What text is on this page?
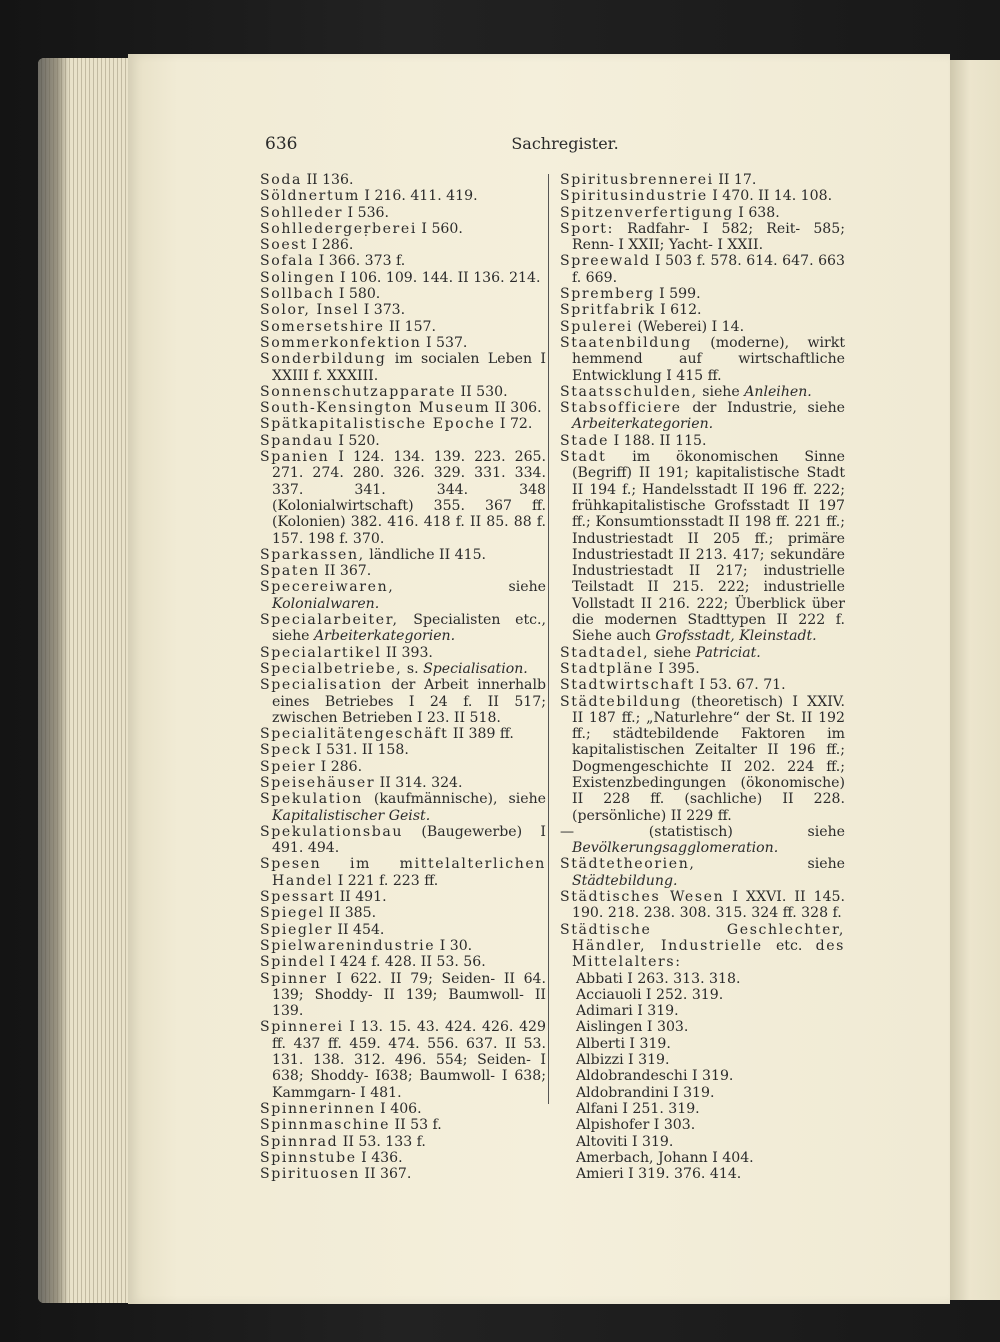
636	Sachregister.
Soda II 136.
Söldnertum I 216. 411. 419.
Sohlleder I 536.
Sohlledergeṛberei I 560.
Soest I 286.
Sofala I 366. 373 f.
Solingen I 106. 109. 144. II 136. 214.
Sollbach I 580.
Solor, Insel I 373.
Somersetshire II 157.
Sommerkonfektion I 537.
Sonderbildung im socialen Leben I XXIII f. XXXIII.
Sonnenschutzapparate II 530.
South-Kensington Museum II 306.
Spätkapitalistische Epoche I 72.
Spandau I 520.
Spanien I 124. 134. 139. 223. 265. 271. 274. 280. 326. 329. 331. 334. 337. 341. 344. 348 (Kolonialwirtschaft) 355. 367 ff. (Kolonien) 382. 416. 418 f. II 85. 88 f. 157. 198 f. 370.
Sparkassen, ländliche II 415.
Spaten II 367.
Specereiwaren, siehe Kolonialwaren.
Specialarbeiter, Specialisten etc., siehe Arbeiterkategorien.
Specialartikel II 393.
Specialbetriebe, s. Specialisation.
Specialisation der Arbeit innerhalb eines Betriebes I 24 f. II 517; zwischen Betrieben I 23. II 518.
Specialitätengeschäft II 389 ff.
Speck I 531. II 158.
Speier I 286.
Speisehäuser II 314. 324.
Spekulation (kaufmännische), siehe Kapitalistischer Geist.
Spekulationsbau (Baugewerbe) I 491. 494.
Spesen im mittelalterlichen Handel I 221 f. 223 ff.
Spessart II 491.
Spiegel II 385.
Spiegler II 454.
Spielwarenindustrie I 30.
Spindel I 424 f. 428. II 53. 56.
Spinner I 622. II 79; Seiden- II 64. 139; Shoddy- II 139; Baumwoll- II 139.
Spinnerei I 13. 15. 43. 424. 426. 429 ff. 437 ff. 459. 474. 556. 637. II 53. 131. 138. 312. 496. 554; Seiden- I 638; Shoddy- I638; Baumwoll- I 638; Kammgarn- I 481.
Spinnerinnen I 406.
Spinnmaschine II 53 f.
Spinnrad II 53. 133 f.
Spinnstube I 436.
Spirituosen II 367.
Spiritusbrennerei II 17.
Spiritusindustrie I 470. II 14. 108.
Spitzenverfertigung I 638.
Sport: Radfahr- I 582; Reit- 585; Renn- I XXII; Yacht- I XXII.
Spreewald I 503 f. 578. 614. 647. 663 f. 669.
Spremberg I 599.
Spritfabrik I 612.
Spulerei (Weberei) I 14.
Staatenbildung (moderne), wirkt hemmend auf wirtschaftliche Entwicklung I 415 ff.
Staatsschulden, siehe Anleihen.
Stabsofficiere der Industrie, siehe Arbeiterkategorien.
Stade I 188. II 115.
Stadt im ökonomischen Sinne (Begriff) II 191; kapitalistische Stadt II 194 f.; Handelsstadt II 196 ff. 222; frühkapitalistische Grofsstadt II 197 ff.; Konsumtionsstadt II 198 ff. 221 ff.; Industriestadt II 205 ff.; primäre Industriestadt II 213. 417; sekundäre Industriestadt II 217; industrielle Teilstadt II 215. 222; industrielle Vollstadt II 216. 222; Überblick über die modernen Stadttypen II 222 f. Siehe auch Grofsstadt, Kleinstadt.
Stadtadel, siehe Patriciat.
Stadtpläne I 395.
Stadtwirtschaft I 53. 67. 71.
Städtebildung (theoretisch) I XXIV. II 187 ff.; „Naturlehre“ der St. II 192 ff.; städtebildende Faktoren im kapitalistischen Zeitalter II 196 ff.; Dogmengeschichte II 202. 224 ff.; Existenzbedingungen (ökonomische) II 228 ff. (sachliche) II 228. (persönliche) II 229 ff.
— (statistisch) siehe Bevölkerungsagglomeration.
Städtetheorien, siehe Städtebildung.
Städtisches Wesen I XXVI. II 145. 190. 218. 238. 308. 315. 324 ff. 328 f.
Städtische Geschlechter, Händler, Industrielle etc. des Mittelalters:
Abbati I 263. 313. 318.
Acciauoli I 252. 319.
Adimari I 319.
Aislingen I 303.
Alberti I 319.
Albizzi I 319.
Aldobrandeschi I 319.
Aldobrandini I 319.
Alfani I 251. 319.
Alpishofer I 303.
Altoviti I 319.
Amerbach, Johann I 404.
Amieri I 319. 376. 414.
